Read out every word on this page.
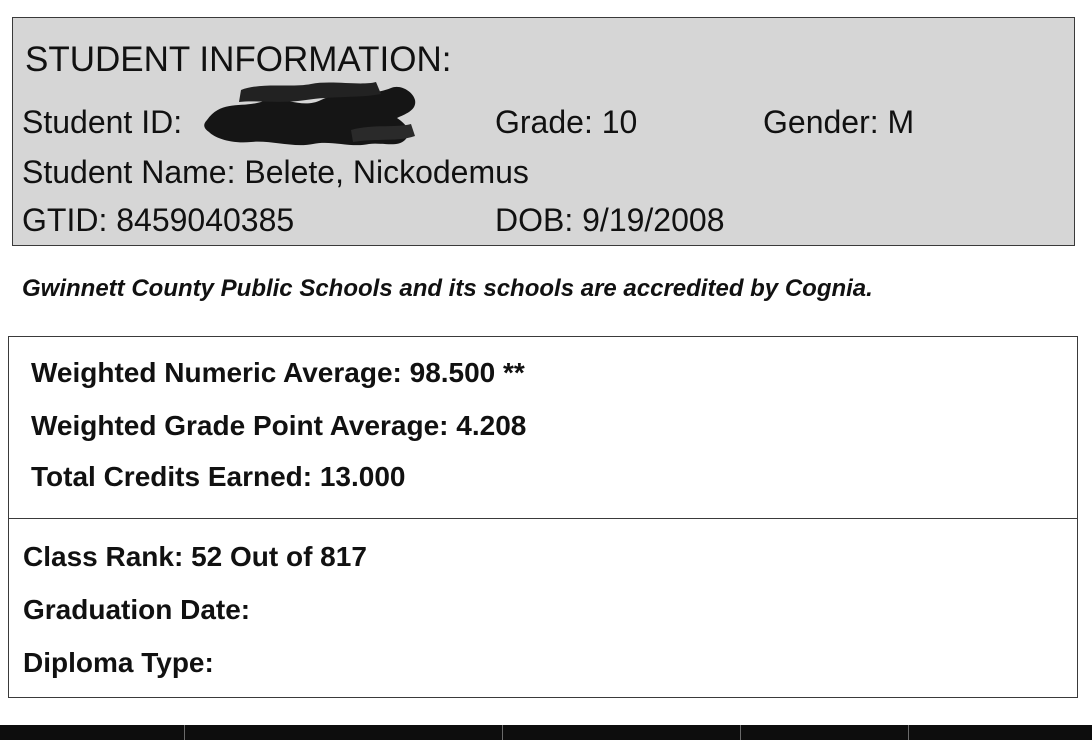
STUDENT INFORMATION:
Student ID:	Grade: 10	Gender: M
Student Name: Belete, Nickodemus
GTID: 8459040385	DOB: 9/19/2008
Gwinnett County Public Schools and its schools are accredited by Cognia.
Weighted Numeric Average: 98.500 **
Weighted Grade Point Average: 4.208
Total Credits Earned: 13.000
Class Rank: 52 Out of 817
Graduation Date:
Diploma Type:
